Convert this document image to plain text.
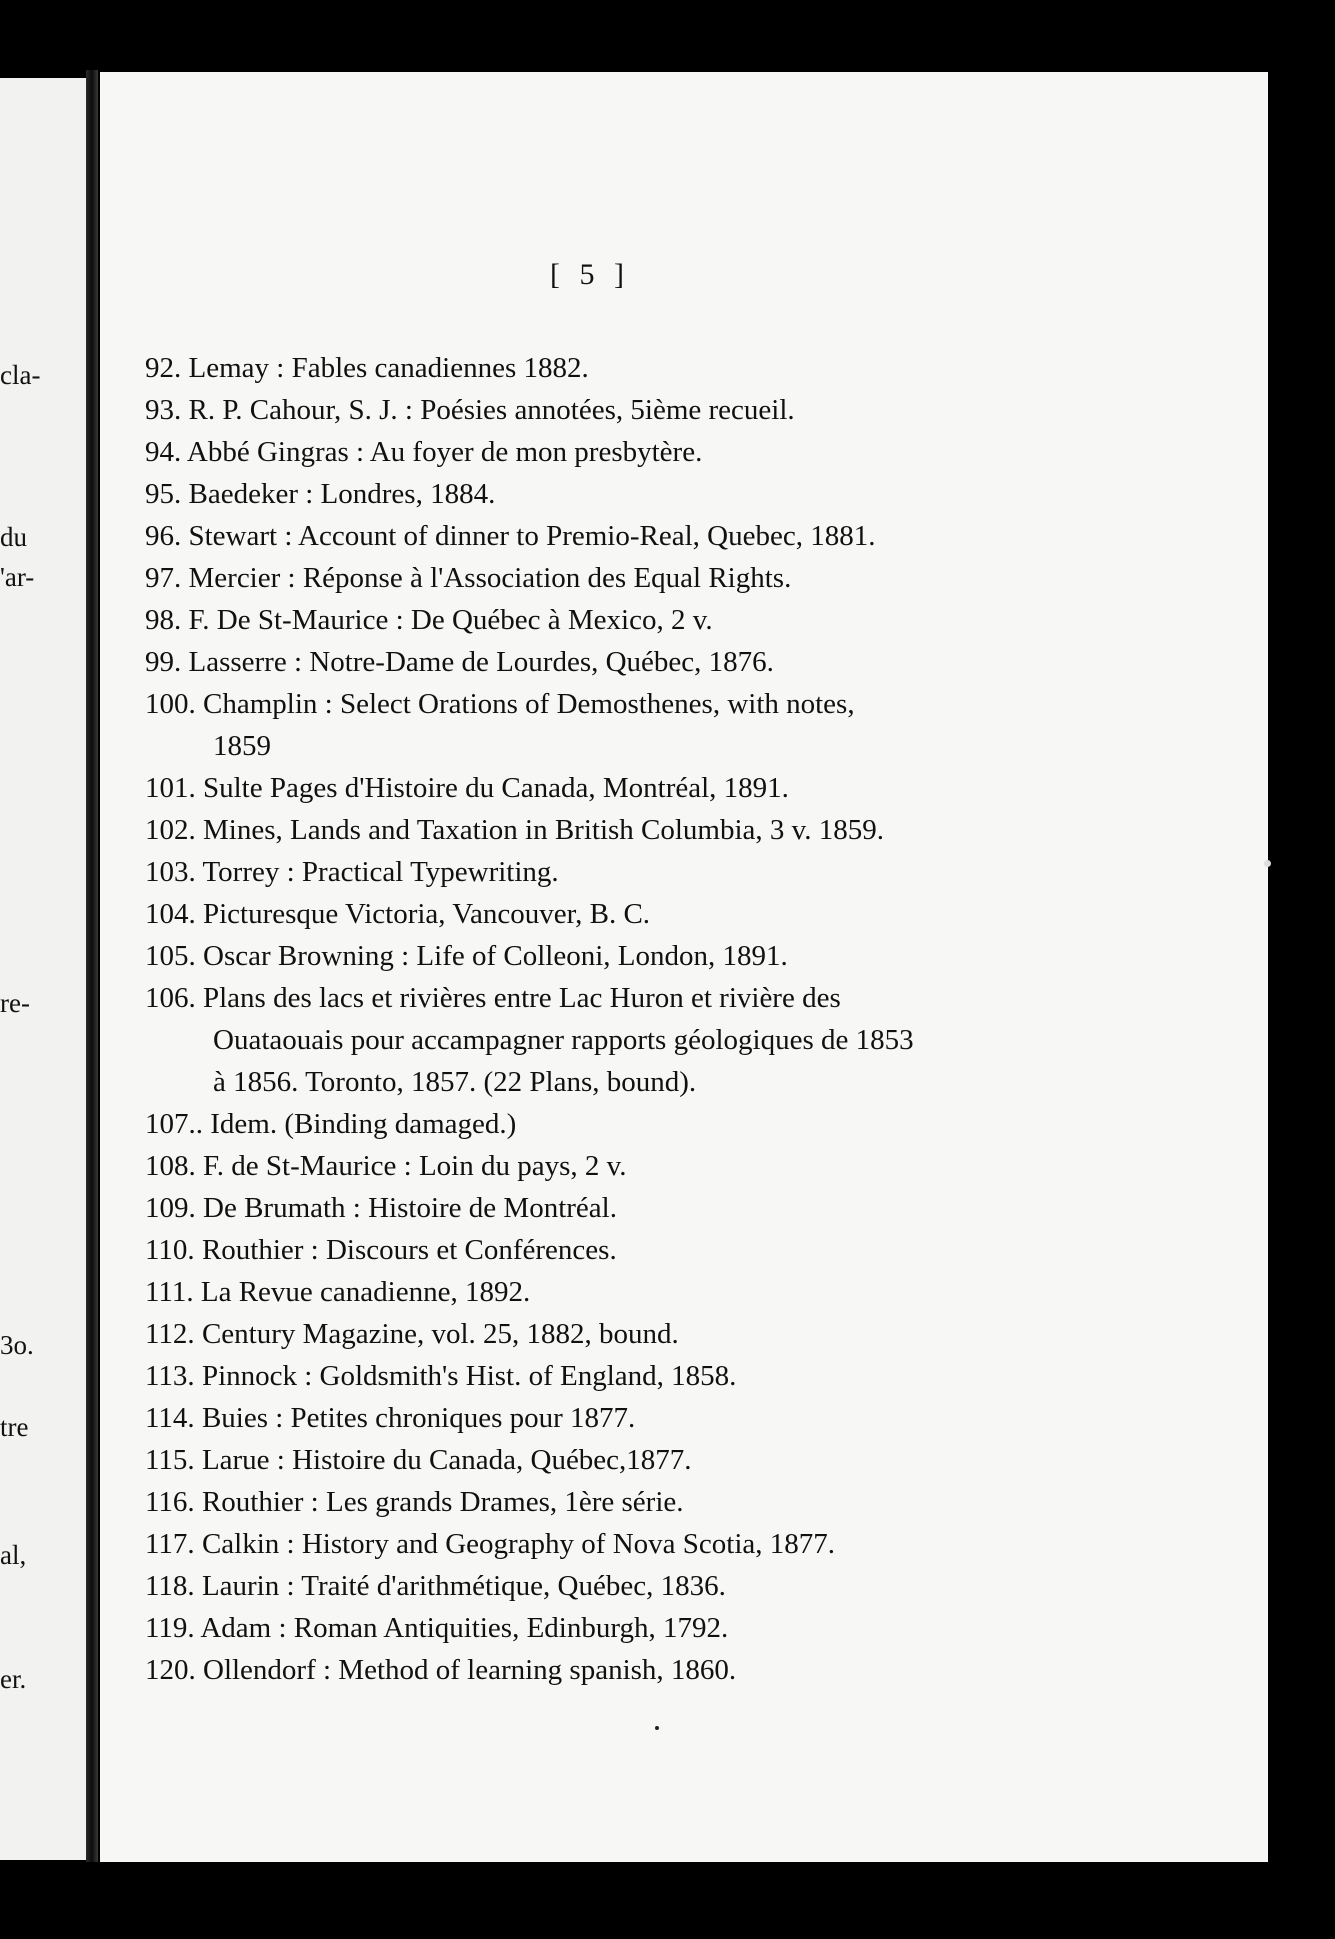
cla-
du
'ar-
re-
3o.
tre
al,
er.
[ 5 ]
92. Lemay : Fables canadiennes 1882.
93. R. P. Cahour, S. J. : Poésies annotées, 5ième recueil.
94. Abbé Gingras : Au foyer de mon presbytère.
95. Baedeker : Londres, 1884.
96. Stewart : Account of dinner to Premio-Real, Quebec, 1881.
97. Mercier : Réponse à l'Association des Equal Rights.
98. F. De St-Maurice : De Québec à Mexico, 2 v.
99. Lasserre : Notre-Dame de Lourdes, Québec, 1876.
100. Champlin : Select Orations of Demosthenes, with notes,
1859
101. Sulte Pages d'Histoire du Canada, Montréal, 1891.
102. Mines, Lands and Taxation in British Columbia, 3 v. 1859.
103. Torrey : Practical Typewriting.
104. Picturesque Victoria, Vancouver, B. C.
105. Oscar Browning : Life of Colleoni, London, 1891.
106. Plans des lacs et rivières entre Lac Huron et rivière des
Ouataouais pour accampagner rapports géologiques de 1853
à 1856. Toronto, 1857. (22 Plans, bound).
107.. Idem. (Binding damaged.)
108. F. de St-Maurice : Loin du pays, 2 v.
109. De Brumath : Histoire de Montréal.
110. Routhier : Discours et Conférences.
111. La Revue canadienne, 1892.
112. Century Magazine, vol. 25, 1882, bound.
113. Pinnock : Goldsmith's Hist. of England, 1858.
114. Buies : Petites chroniques pour 1877.
115. Larue : Histoire du Canada, Québec,1877.
116. Routhier : Les grands Drames, 1ère série.
117. Calkin : History and Geography of Nova Scotia, 1877.
118. Laurin : Traité d'arithmétique, Québec, 1836.
119. Adam : Roman Antiquities, Edinburgh, 1792.
120. Ollendorf : Method of learning spanish, 1860.
